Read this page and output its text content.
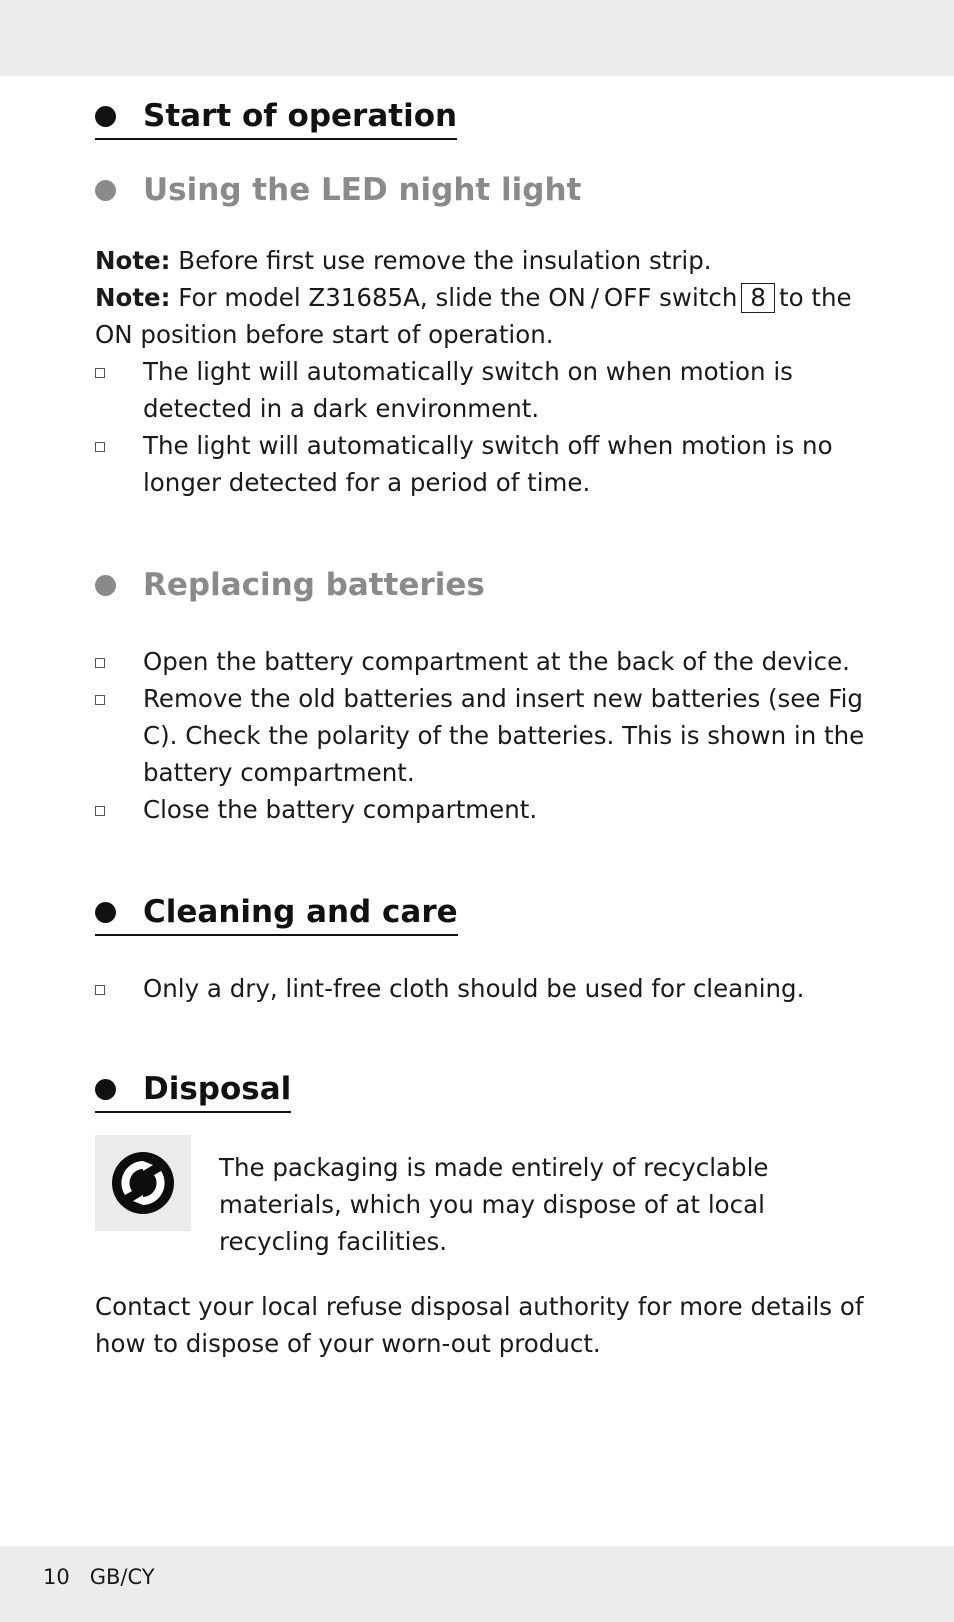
Start of operation
Using the LED night light
Note: Before first use remove the insulation strip.
Note: For model Z31685A, slide the ON / OFF switch 8 to the ON position before start of operation.
The light will automatically switch on when motion is detected in a dark environment.
The light will automatically switch off when motion is no longer detected for a period of time.
Replacing batteries
Open the battery compartment at the back of the device.
Remove the old batteries and insert new batteries (see Fig C). Check the polarity of the batteries. This is shown in the battery compartment.
Close the battery compartment.
Cleaning and care
Only a dry, lint-free cloth should be used for cleaning.
Disposal
The packaging is made entirely of recyclable materials, which you may dispose of at local recycling facilities.
Contact your local refuse disposal authority for more details of how to dispose of your worn-out product.
10 GB/CY
